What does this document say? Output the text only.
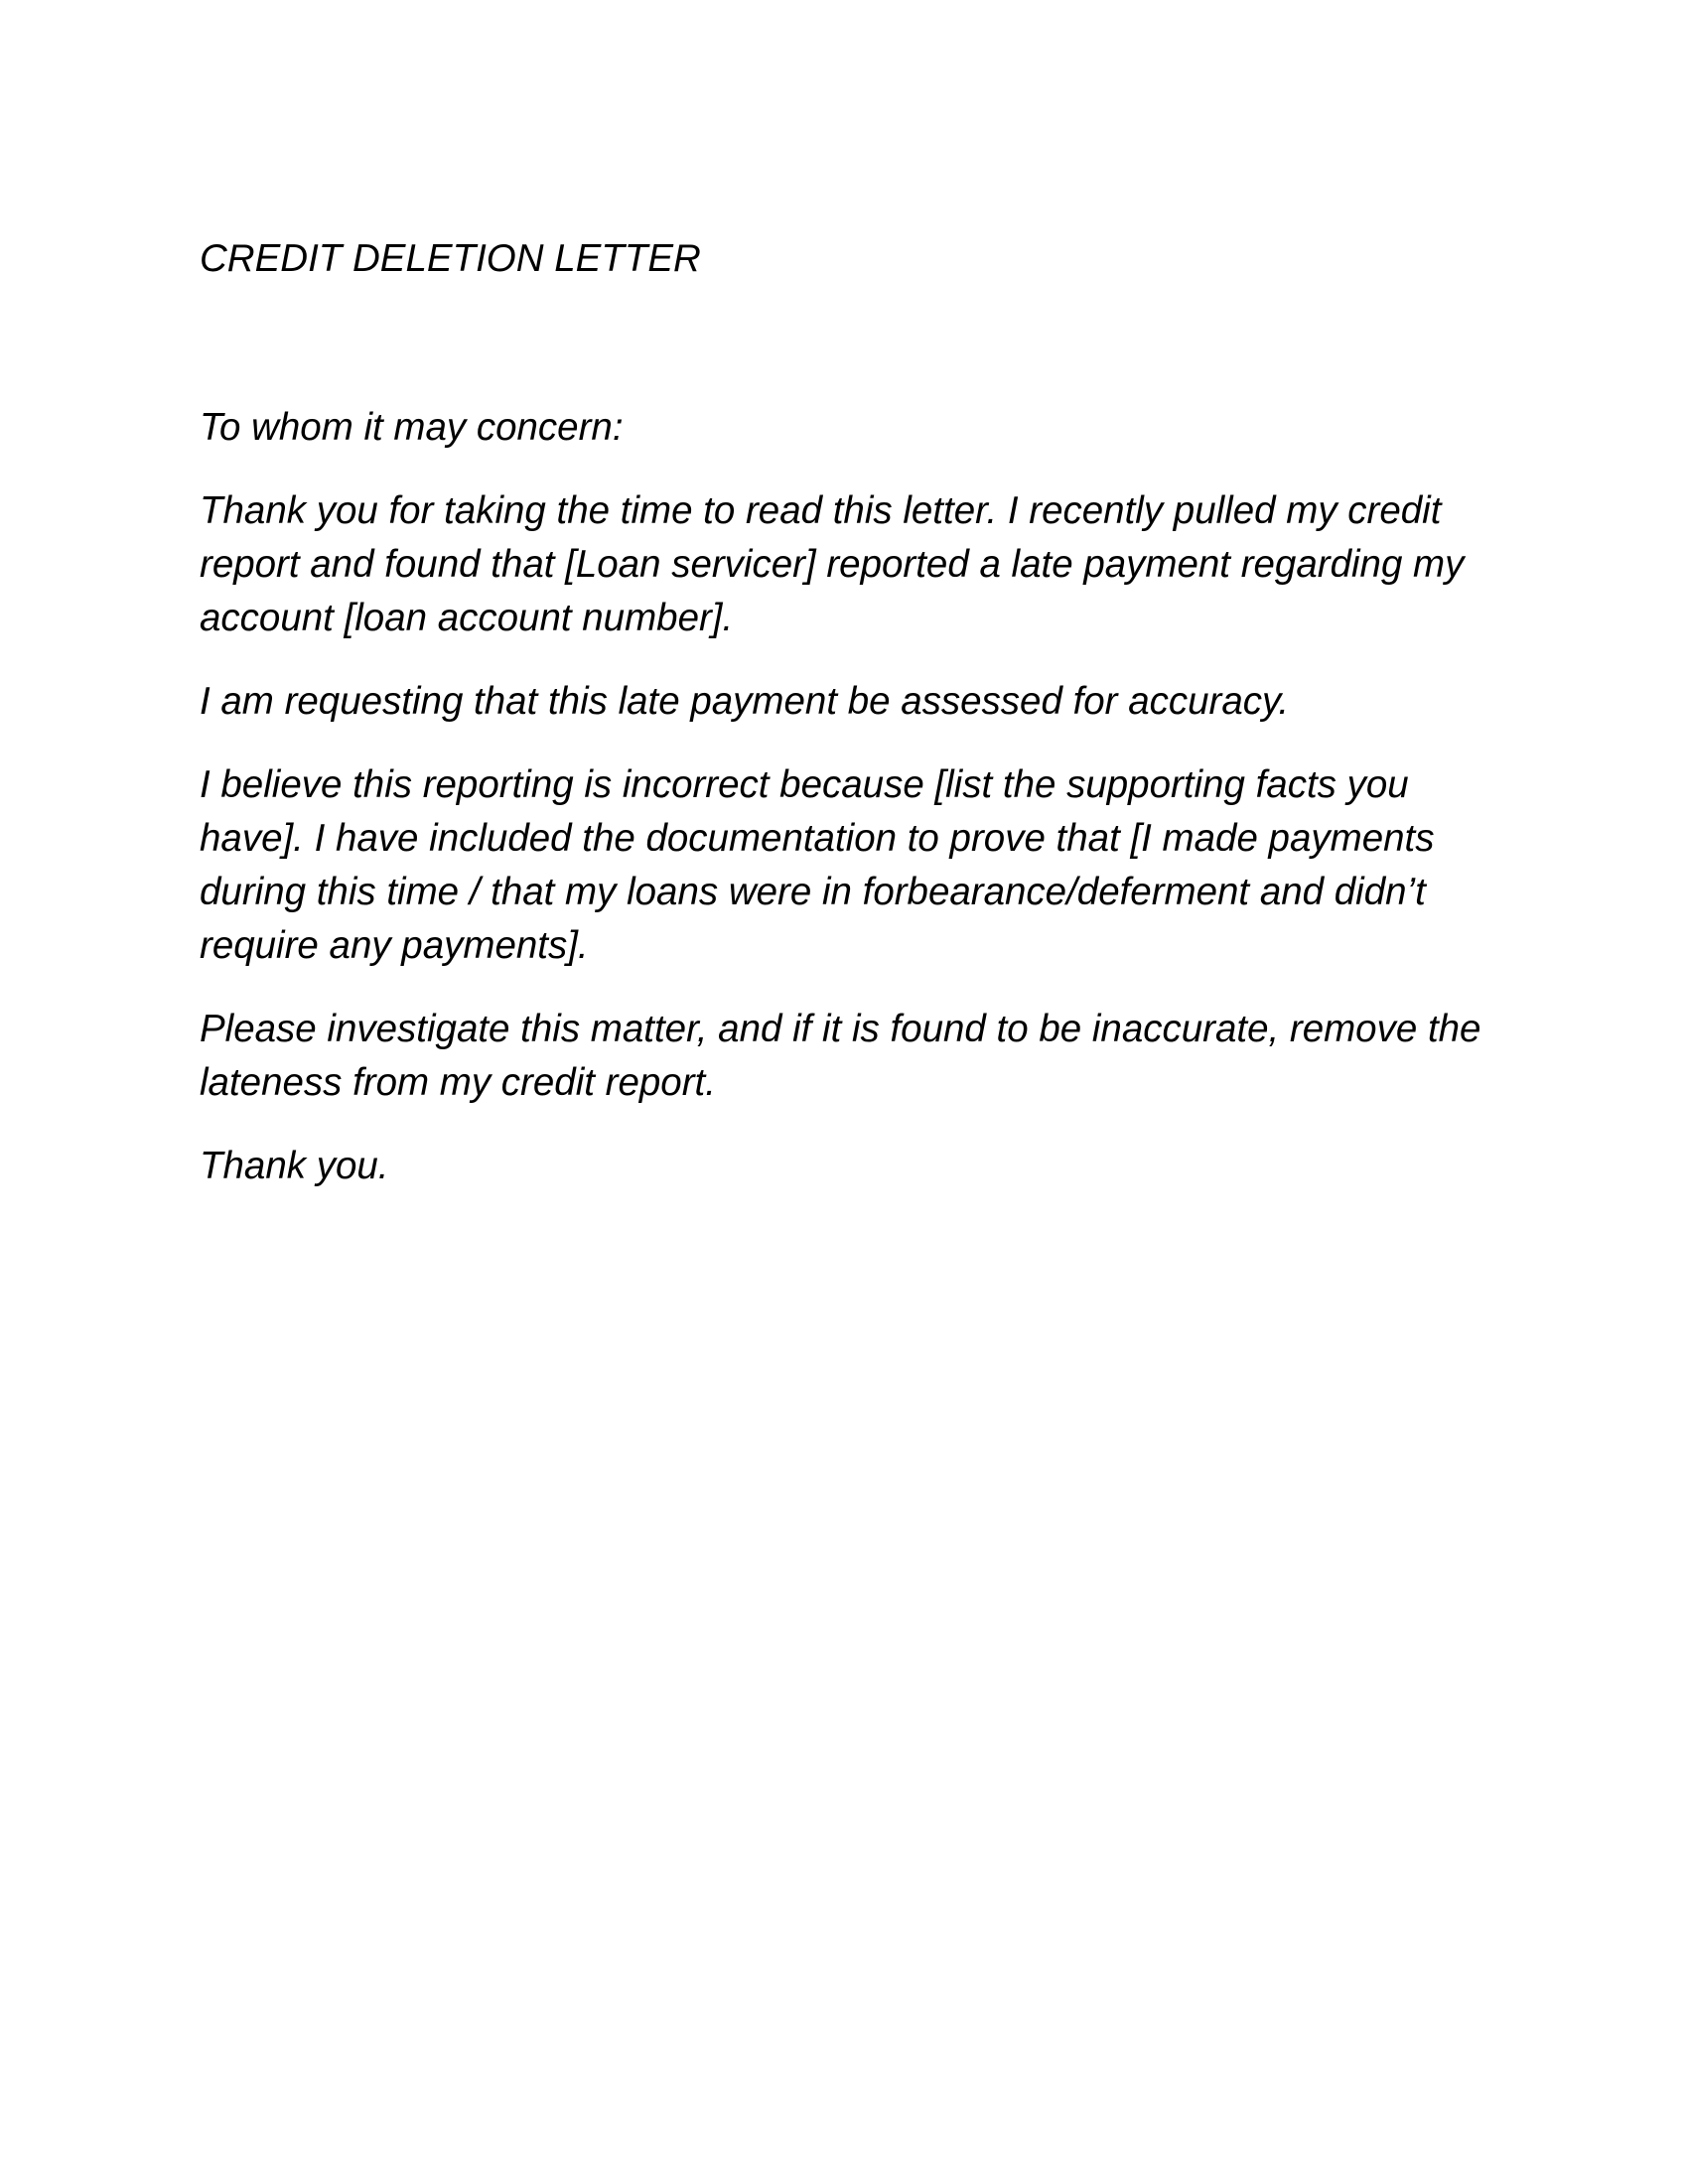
CREDIT DELETION LETTER

To whom it may concern:

Thank you for taking the time to read this letter. I recently pulled my credit report and found that [Loan servicer] reported a late payment regarding my account [loan account number].

I am requesting that this late payment be assessed for accuracy.

I believe this reporting is incorrect because [list the supporting facts you have]. I have included the documentation to prove that [I made payments during this time / that my loans were in forbearance/deferment and didn’t require any payments].

Please investigate this matter, and if it is found to be inaccurate, remove the lateness from my credit report.

Thank you.
